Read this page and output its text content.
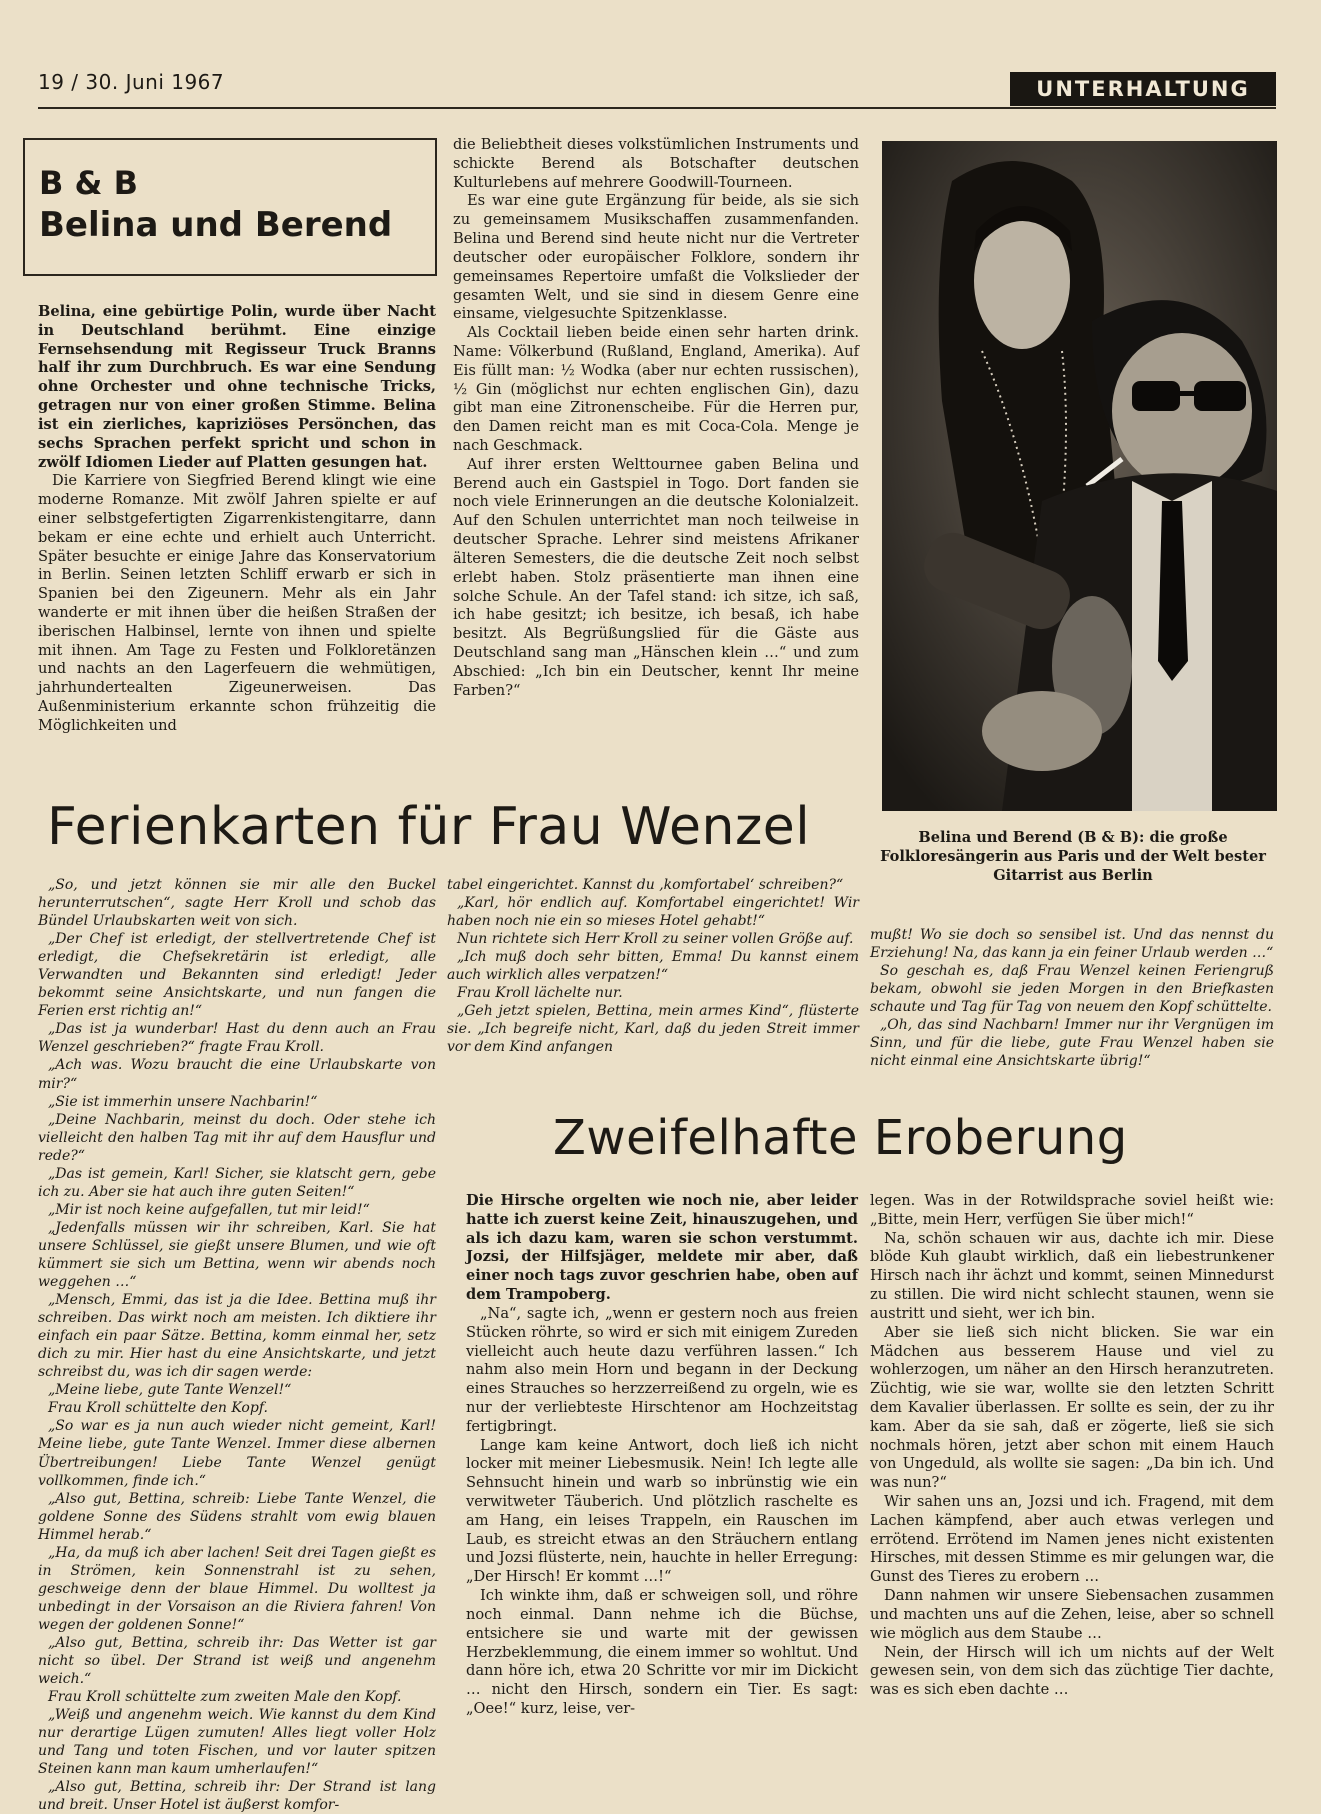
19 / 30. Juni 1967	UNTERHALTUNG
B & B
Belina und Berend

Belina, eine gebürtige Polin, wurde über Nacht in Deutschland berühmt. Eine einzige Fernsehsendung mit Regisseur Truck Branns half ihr zum Durchbruch. Es war eine Sendung ohne Orchester und ohne technische Tricks, getragen nur von einer großen Stimme. Belina ist ein zierliches, kapriziöses Persönchen, das sechs Sprachen perfekt spricht und schon in zwölf Idiomen Lieder auf Platten gesungen hat.

Die Karriere von Siegfried Berend klingt wie eine moderne Romanze. Mit zwölf Jahren spielte er auf einer selbstgefertigten Zigarrenkistengitarre, dann bekam er eine echte und erhielt auch Unterricht. Später besuchte er einige Jahre das Konservatorium in Berlin. Seinen letzten Schliff erwarb er sich in Spanien bei den Zigeunern. Mehr als ein Jahr wanderte er mit ihnen über die heißen Straßen der iberischen Halbinsel, lernte von ihnen und spielte mit ihnen. Am Tage zu Festen und Folkloretänzen und nachts an den Lagerfeuern die wehmütigen, jahrhundertealten Zigeunerweisen. Das Außenministerium erkannte schon frühzeitig die Möglichkeiten und

die Beliebtheit dieses volkstümlichen Instruments und schickte Berend als Botschafter deutschen Kulturlebens auf mehrere Goodwill-Tourneen.

Es war eine gute Ergänzung für beide, als sie sich zu gemeinsamem Musikschaffen zusammenfanden. Belina und Berend sind heute nicht nur die Vertreter deutscher oder europäischer Folklore, sondern ihr gemeinsames Repertoire umfaßt die Volkslieder der gesamten Welt, und sie sind in diesem Genre eine einsame, vielgesuchte Spitzenklasse.

Als Cocktail lieben beide einen sehr harten drink. Name: Völkerbund (Rußland, England, Amerika). Auf Eis füllt man: ½ Wodka (aber nur echten russischen), ½ Gin (möglichst nur echten englischen Gin), dazu gibt man eine Zitronenscheibe. Für die Herren pur, den Damen reicht man es mit Coca-Cola. Menge je nach Geschmack.

Auf ihrer ersten Welttournee gaben Belina und Berend auch ein Gastspiel in Togo. Dort fanden sie noch viele Erinnerungen an die deutsche Kolonialzeit. Auf den Schulen unterrichtet man noch teilweise in deutscher Sprache. Lehrer sind meistens Afrikaner älteren Semesters, die die deutsche Zeit noch selbst erlebt haben. Stolz präsentierte man ihnen eine solche Schule. An der Tafel stand: ich sitze, ich saß, ich habe gesitzt; ich besitze, ich besaß, ich habe besitzt. Als Begrüßungslied für die Gäste aus Deutschland sang man „Hänschen klein …“ und zum Abschied: „Ich bin ein Deutscher, kennt Ihr meine Farben?“

Belina und Berend (B & B): die große Folkloresängerin aus Paris und der Welt bester Gitarrist aus Berlin
Ferienkarten für Frau Wenzel

„So, und jetzt können sie mir alle den Buckel herunterrutschen“, sagte Herr Kroll und schob das Bündel Urlaubskarten weit von sich.

„Der Chef ist erledigt, der stellvertretende Chef ist erledigt, die Chefsekretärin ist erledigt, alle Verwandten und Bekannten sind erledigt! Jeder bekommt seine Ansichtskarte, und nun fangen die Ferien erst richtig an!“

„Das ist ja wunderbar! Hast du denn auch an Frau Wenzel geschrieben?“ fragte Frau Kroll.

„Ach was. Wozu braucht die eine Urlaubskarte von mir?“

„Sie ist immerhin unsere Nachbarin!“

„Deine Nachbarin, meinst du doch. Oder stehe ich vielleicht den halben Tag mit ihr auf dem Hausflur und rede?“

„Das ist gemein, Karl! Sicher, sie klatscht gern, gebe ich zu. Aber sie hat auch ihre guten Seiten!“

„Mir ist noch keine aufgefallen, tut mir leid!“

„Jedenfalls müssen wir ihr schreiben, Karl. Sie hat unsere Schlüssel, sie gießt unsere Blumen, und wie oft kümmert sie sich um Bettina, wenn wir abends noch weggehen …“

„Mensch, Emmi, das ist ja die Idee. Bettina muß ihr schreiben. Das wirkt noch am meisten. Ich diktiere ihr einfach ein paar Sätze. Bettina, komm einmal her, setz dich zu mir. Hier hast du eine Ansichtskarte, und jetzt schreibst du, was ich dir sagen werde:

„Meine liebe, gute Tante Wenzel!“

Frau Kroll schüttelte den Kopf.

„So war es ja nun auch wieder nicht gemeint, Karl! Meine liebe, gute Tante Wenzel. Immer diese albernen Übertreibungen! Liebe Tante Wenzel genügt vollkommen, finde ich.“

„Also gut, Bettina, schreib: Liebe Tante Wenzel, die goldene Sonne des Südens strahlt vom ewig blauen Himmel herab.“

„Ha, da muß ich aber lachen! Seit drei Tagen gießt es in Strömen, kein Sonnenstrahl ist zu sehen, geschweige denn der blaue Himmel. Du wolltest ja unbedingt in der Vorsaison an die Riviera fahren! Von wegen der goldenen Sonne!“

„Also gut, Bettina, schreib ihr: Das Wetter ist gar nicht so übel. Der Strand ist weiß und angenehm weich.“

Frau Kroll schüttelte zum zweiten Male den Kopf.

„Weiß und angenehm weich. Wie kannst du dem Kind nur derartige Lügen zumuten! Alles liegt voller Holz und Tang und toten Fischen, und vor lauter spitzen Steinen kann man kaum umherlaufen!“

„Also gut, Bettina, schreib ihr: Der Strand ist lang und breit. Unser Hotel ist äußerst komfor-

tabel eingerichtet. Kannst du ‚komfortabel‘ schreiben?“

„Karl, hör endlich auf. Komfortabel eingerichtet! Wir haben noch nie ein so mieses Hotel gehabt!“

Nun richtete sich Herr Kroll zu seiner vollen Größe auf.

„Ich muß doch sehr bitten, Emma! Du kannst einem auch wirklich alles verpatzen!“

Frau Kroll lächelte nur.

„Geh jetzt spielen, Bettina, mein armes Kind“, flüsterte sie. „Ich begreife nicht, Karl, daß du jeden Streit immer vor dem Kind anfangen

mußt! Wo sie doch so sensibel ist. Und das nennst du Erziehung! Na, das kann ja ein feiner Urlaub werden …“

So geschah es, daß Frau Wenzel keinen Feriengruß bekam, obwohl sie jeden Morgen in den Briefkasten schaute und Tag für Tag von neuem den Kopf schüttelte.

„Oh, das sind Nachbarn! Immer nur ihr Vergnügen im Sinn, und für die liebe, gute Frau Wenzel haben sie nicht einmal eine Ansichtskarte übrig!“

Zweifelhafte Eroberung

Die Hirsche orgelten wie noch nie, aber leider hatte ich zuerst keine Zeit, hinauszugehen, und als ich dazu kam, waren sie schon verstummt. Jozsi, der Hilfsjäger, meldete mir aber, daß einer noch tags zuvor geschrien habe, oben auf dem Trampoberg.

„Na“, sagte ich, „wenn er gestern noch aus freien Stücken röhrte, so wird er sich mit einigem Zureden vielleicht auch heute dazu verführen lassen.“ Ich nahm also mein Horn und begann in der Deckung eines Strauches so herzzerreißend zu orgeln, wie es nur der verliebteste Hirschtenor am Hochzeitstag fertigbringt.

Lange kam keine Antwort, doch ließ ich nicht locker mit meiner Liebesmusik. Nein! Ich legte alle Sehnsucht hinein und warb so inbrünstig wie ein verwitweter Täuberich. Und plötzlich raschelte es am Hang, ein leises Trappeln, ein Rauschen im Laub, es streicht etwas an den Sträuchern entlang und Jozsi flüsterte, nein, hauchte in heller Erregung: „Der Hirsch! Er kommt …!“

Ich winkte ihm, daß er schweigen soll, und röhre noch einmal. Dann nehme ich die Büchse, entsichere sie und warte mit der gewissen Herzbeklemmung, die einem immer so wohltut. Und dann höre ich, etwa 20 Schritte vor mir im Dickicht … nicht den Hirsch, sondern ein Tier. Es sagt: „Oee!“ kurz, leise, ver-

legen. Was in der Rotwildsprache soviel heißt wie: „Bitte, mein Herr, verfügen Sie über mich!“

Na, schön schauen wir aus, dachte ich mir. Diese blöde Kuh glaubt wirklich, daß ein liebestrunkener Hirsch nach ihr ächzt und kommt, seinen Minnedurst zu stillen. Die wird nicht schlecht staunen, wenn sie austritt und sieht, wer ich bin.

Aber sie ließ sich nicht blicken. Sie war ein Mädchen aus besserem Hause und viel zu wohlerzogen, um näher an den Hirsch heranzutreten. Züchtig, wie sie war, wollte sie den letzten Schritt dem Kavalier überlassen. Er sollte es sein, der zu ihr kam. Aber da sie sah, daß er zögerte, ließ sie sich nochmals hören, jetzt aber schon mit einem Hauch von Ungeduld, als wollte sie sagen: „Da bin ich. Und was nun?“

Wir sahen uns an, Jozsi und ich. Fragend, mit dem Lachen kämpfend, aber auch etwas verlegen und errötend. Errötend im Namen jenes nicht existenten Hirsches, mit dessen Stimme es mir gelungen war, die Gunst des Tieres zu erobern …

Dann nahmen wir unsere Siebensachen zusammen und machten uns auf die Zehen, leise, aber so schnell wie möglich aus dem Staube …

Nein, der Hirsch will ich um nichts auf der Welt gewesen sein, von dem sich das züchtige Tier dachte, was es sich eben dachte …
